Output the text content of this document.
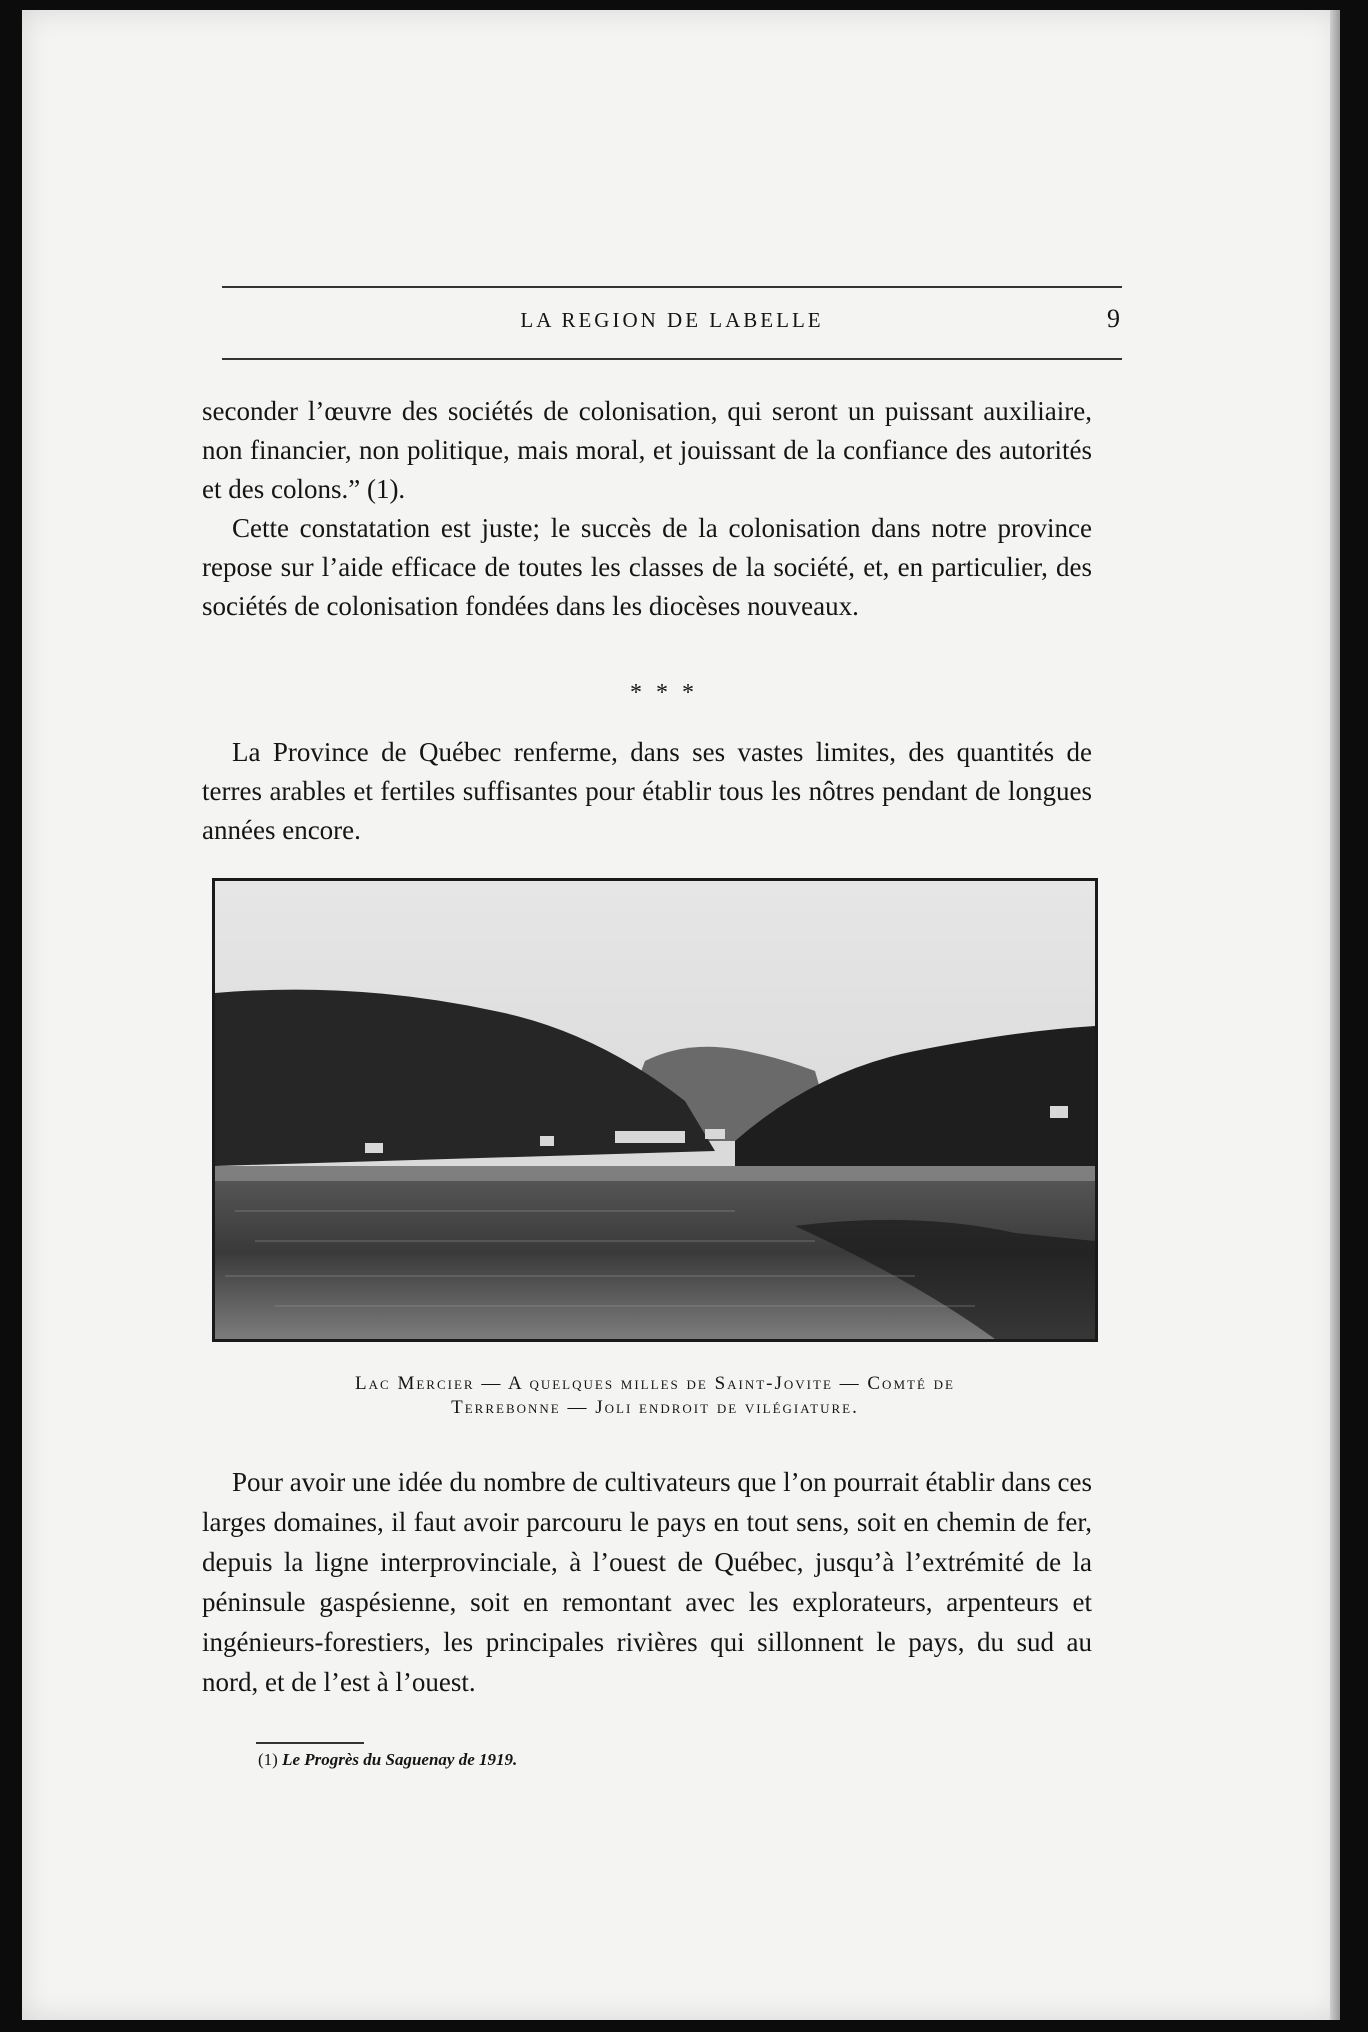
LA REGION DE LABELLE	9

seconder l’œuvre des sociétés de colonisation, qui seront un puissant auxiliaire, non financier, non politique, mais moral, et jouissant de la confiance des autorités et des colons.” (1).

Cette constatation est juste; le succès de la colonisation dans notre province repose sur l’aide efficace de toutes les classes de la société, et, en particulier, des sociétés de colonisation fondées dans les diocèses nouveaux.

* * *

La Province de Québec renferme, dans ses vastes limites, des quantités de terres arables et fertiles suffisantes pour établir tous les nôtres pendant de longues années encore.

Lac Mercier — A quelques milles de Saint-Jovite — Comté de
Terrebonne — Joli endroit de vilégiature.

Pour avoir une idée du nombre de cultivateurs que l’on pourrait établir dans ces larges domaines, il faut avoir parcouru le pays en tout sens, soit en chemin de fer, depuis la ligne interprovinciale, à l’ouest de Québec, jusqu’à l’extrémité de la péninsule gaspésienne, soit en remontant avec les explorateurs, arpenteurs et ingénieurs-forestiers, les principales rivières qui sillonnent le pays, du sud au nord, et de l’est à l’ouest.

(1) Le Progrès du Saguenay de 1919.
